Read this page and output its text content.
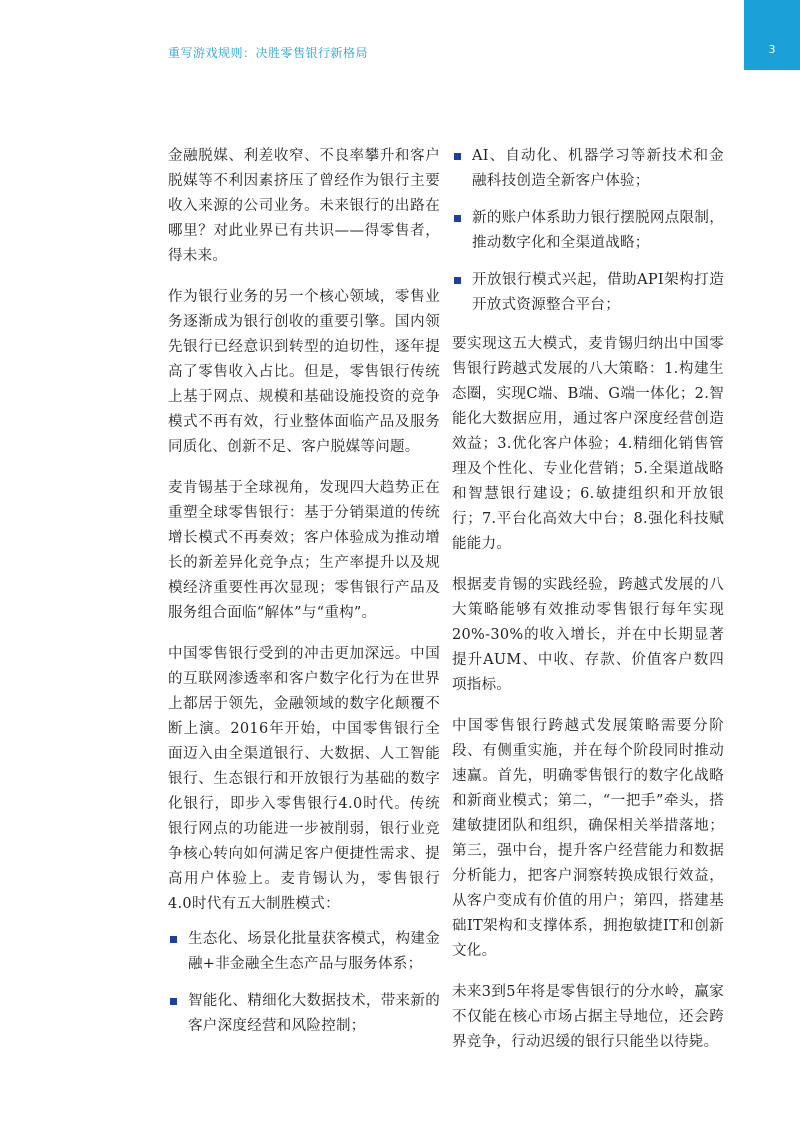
重写游戏规则：决胜零售银行新格局	3

金融脱媒、利差收窄、不良率攀升和客户脱媒等不利因素挤压了曾经作为银行主要收入来源的公司业务。未来银行的出路在哪里？对此业界已有共识——得零售者，得未来。

作为银行业务的另一个核心领域，零售业务逐渐成为银行创收的重要引擎。国内领先银行已经意识到转型的迫切性，逐年提高了零售收入占比。但是，零售银行传统上基于网点、规模和基础设施投资的竞争模式不再有效，行业整体面临产品及服务同质化、创新不足、客户脱媒等问题。

麦肯锡基于全球视角，发现四大趋势正在重塑全球零售银行：基于分销渠道的传统增长模式不再奏效；客户体验成为推动增长的新差异化竞争点；生产率提升以及规模经济重要性再次显现；零售银行产品及服务组合面临“解体”与“重构”。

中国零售银行受到的冲击更加深远。中国的互联网渗透率和客户数字化行为在世界上都居于领先，金融领域的数字化颠覆不断上演。2016年开始，中国零售银行全面迈入由全渠道银行、大数据、人工智能银行、生态银行和开放银行为基础的数字化银行，即步入零售银行4.0时代。传统银行网点的功能进一步被削弱，银行业竞争核心转向如何满足客户便捷性需求、提高用户体验上。麦肯锡认为，零售银行4.0时代有五大制胜模式：

生态化、场景化批量获客模式，构建金融+非金融全生态产品与服务体系；
智能化、精细化大数据技术，带来新的客户深度经营和风险控制；
AI、自动化、机器学习等新技术和金融科技创造全新客户体验；
新的账户体系助力银行摆脱网点限制，推动数字化和全渠道战略；
开放银行模式兴起，借助API架构打造开放式资源整合平台；

要实现这五大模式，麦肯锡归纳出中国零售银行跨越式发展的八大策略：1.构建生态圈，实现C端、B端、G端一体化；2.智能化大数据应用，通过客户深度经营创造效益；3.优化客户体验；4.精细化销售管理及个性化、专业化营销；5.全渠道战略和智慧银行建设；6.敏捷组织和开放银行；7.平台化高效大中台；8.强化科技赋能能力。

根据麦肯锡的实践经验，跨越式发展的八大策略能够有效推动零售银行每年实现20%-30%的收入增长，并在中长期显著提升AUM、中收、存款、价值客户数四项指标。

中国零售银行跨越式发展策略需要分阶段、有侧重实施，并在每个阶段同时推动速赢。首先，明确零售银行的数字化战略和新商业模式；第二，“一把手”牵头，搭建敏捷团队和组织，确保相关举措落地；第三，强中台，提升客户经营能力和数据分析能力，把客户洞察转换成银行效益，从客户变成有价值的用户；第四，搭建基础IT架构和支撑体系，拥抱敏捷IT和创新文化。

未来3到5年将是零售银行的分水岭，赢家不仅能在核心市场占据主导地位，还会跨界竞争，行动迟缓的银行只能坐以待毙。
